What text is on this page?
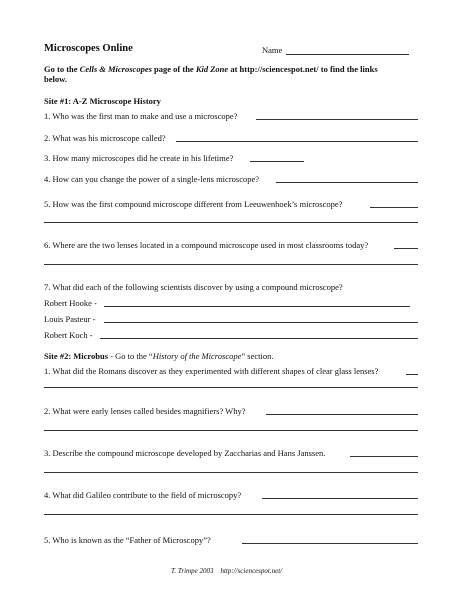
Microscopes Online	Name
Go to the Cells & Microscopes page of the Kid Zone at http://sciencespot.net/ to find the links
below.
Site #1: A-Z Microscope History
1. Who was the first man to make and use a microscope?
2. What was his microscope called?
3. How many microscopes did he create in his lifetime?
4. How can you change the power of a single-lens microscope?
5. How was the first compound microscope different from Leeuwenhoek’s microscope?
6. Where are the two lenses located in a compound microscope used in most classrooms today?
7. What did each of the following scientists discover by using a compound microscope?
Robert Hooke -
Louis Pasteur -
Robert Koch -
Site #2: Microbus - Go to the “History of the Microscope” section.
1. What did the Romans discover as they experimented with different shapes of clear glass lenses?
2. What were early lenses called besides magnifiers? Why?
3. Describe the compound microscope developed by Zaccharias and Hans Janssen.
4. What did Galileo contribute to the field of microscopy?
5. Who is known as the “Father of Microscopy”?
T. Trimpe 2003 http://sciencespot.net/
